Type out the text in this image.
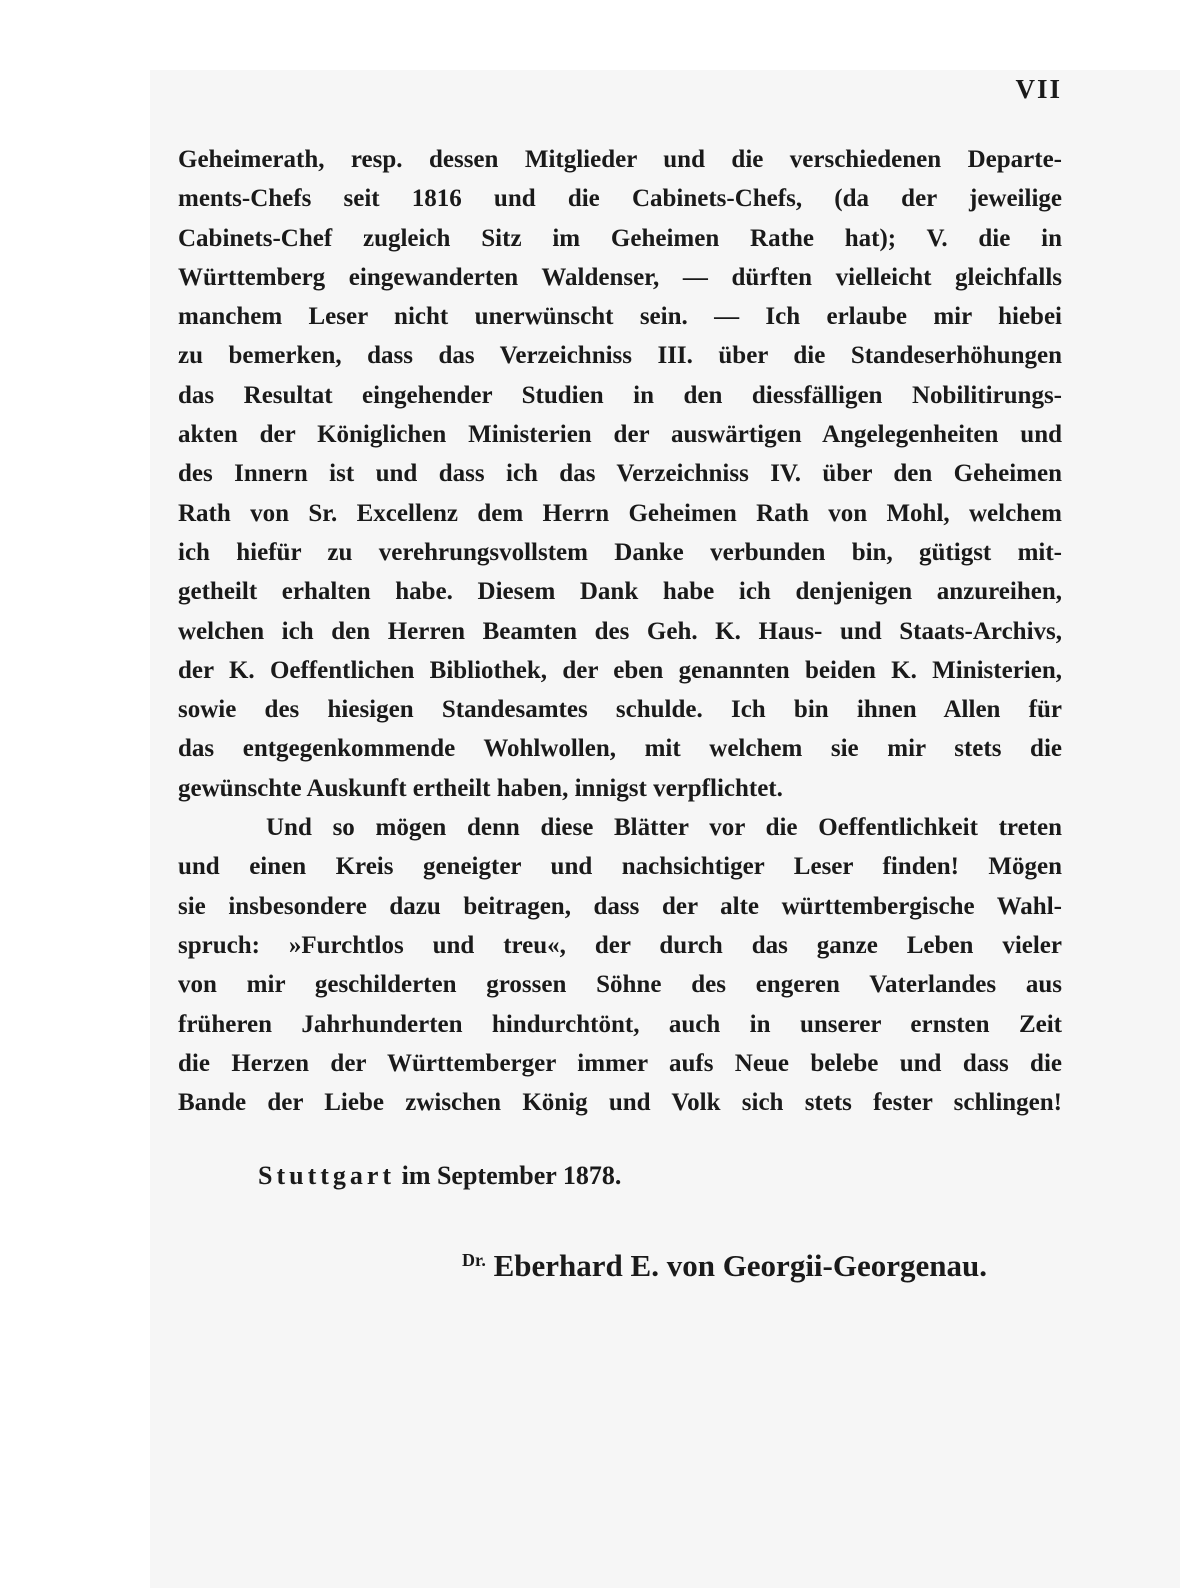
VII
Geheimerath, resp. dessen Mitglieder und die verschiedenen Departe-
ments-Chefs seit 1816 und die Cabinets-Chefs, (da der jeweilige
Cabinets-Chef zugleich Sitz im Geheimen Rathe hat); V. die in
Württemberg eingewanderten Waldenser, — dürften vielleicht gleichfalls
manchem Leser nicht unerwünscht sein. — Ich erlaube mir hiebei
zu bemerken, dass das Verzeichniss III. über die Standeserhöhungen
das Resultat eingehender Studien in den diessfälligen Nobilitirungs-
akten der Königlichen Ministerien der auswärtigen Angelegenheiten und
des Innern ist und dass ich das Verzeichniss IV. über den Geheimen
Rath von Sr. Excellenz dem Herrn Geheimen Rath von Mohl, welchem
ich hiefür zu verehrungsvollstem Danke verbunden bin, gütigst mit-
getheilt erhalten habe. Diesem Dank habe ich denjenigen anzureihen,
welchen ich den Herren Beamten des Geh. K. Haus- und Staats-Archivs,
der K. Oeffentlichen Bibliothek, der eben genannten beiden K. Ministerien,
sowie des hiesigen Standesamtes schulde. Ich bin ihnen Allen für
das entgegenkommende Wohlwollen, mit welchem sie mir stets die
gewünschte Auskunft ertheilt haben, innigst verpflichtet.
Und so mögen denn diese Blätter vor die Oeffentlichkeit treten
und einen Kreis geneigter und nachsichtiger Leser finden! Mögen
sie insbesondere dazu beitragen, dass der alte württembergische Wahl-
spruch: »Furchtlos und treu«, der durch das ganze Leben vieler
von mir geschilderten grossen Söhne des engeren Vaterlandes aus
früheren Jahrhunderten hindurchtönt, auch in unserer ernsten Zeit
die Herzen der Württemberger immer aufs Neue belebe und dass die
Bande der Liebe zwischen König und Volk sich stets fester schlingen!
Stuttgart im September 1878.
$^{Dr.}$ Eberhard E. von Georgii-Georgenau.
